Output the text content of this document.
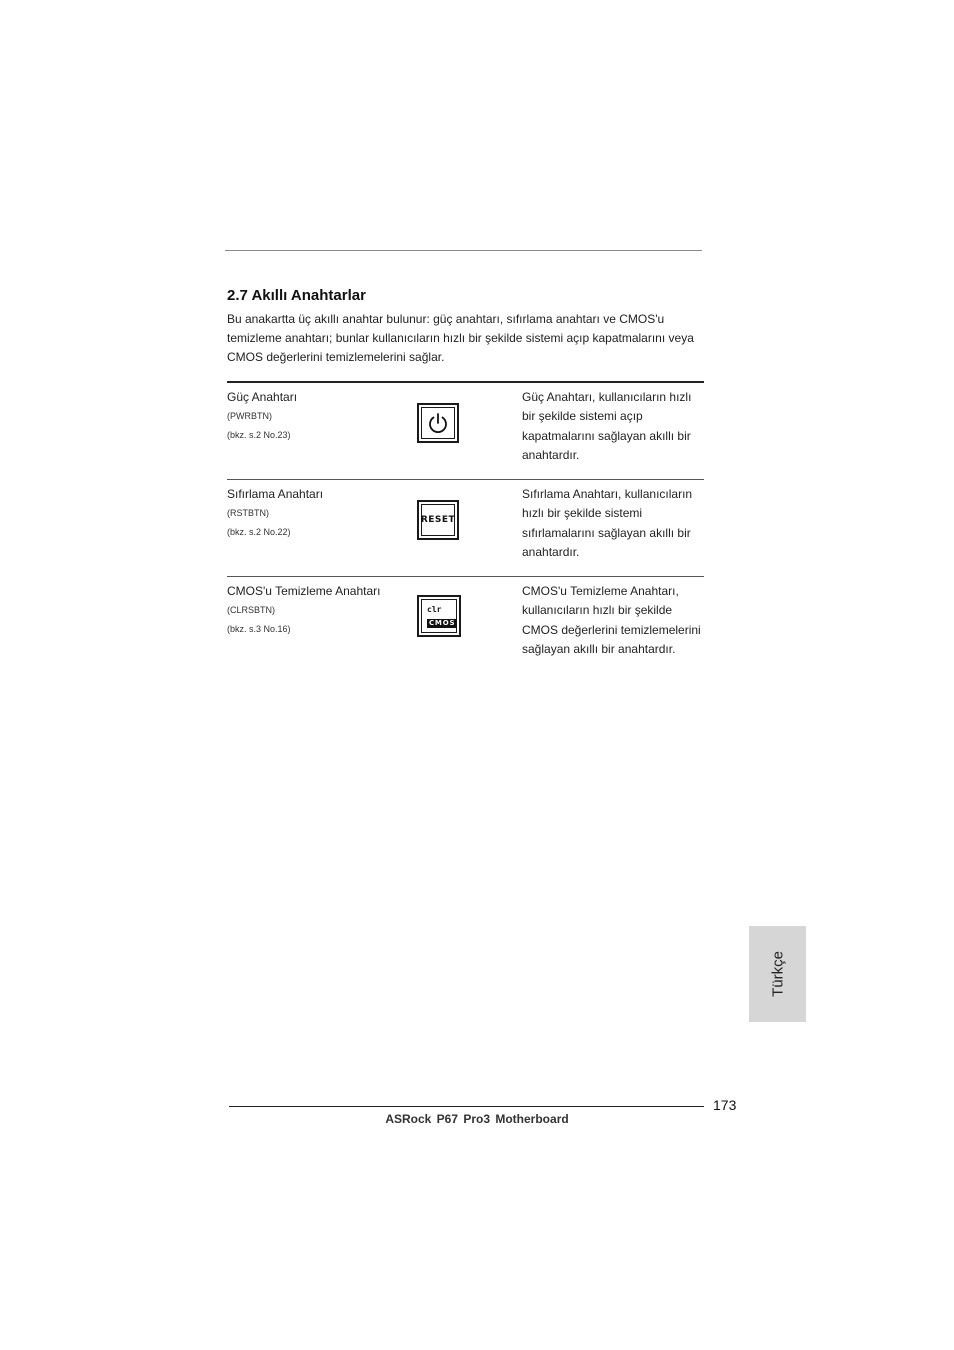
2.7 Akıllı Anahtarlar

Bu anakartta üç akıllı anahtar bulunur: güç anahtarı, sıfırlama anahtarı ve CMOS'u temizleme anahtarı; bunlar kullanıcıların hızlı bir şekilde sistemi açıp kapatmalarını veya CMOS değerlerini temizlemelerini sağlar.

Güç Anahtarı
(PWRBTN)
(bkz. s.2 No.23)

Güç Anahtarı, kullanıcıların hızlı bir şekilde sistemi açıp kapatmalarını sağlayan akıllı bir anahtardır.

Sıfırlama Anahtarı
(RSTBTN)
(bkz. s.2 No.22)
RESET

Sıfırlama Anahtarı, kullanıcıların hızlı bir şekilde sistemi sıfırlamalarını sağlayan akıllı bir anahtardır.

CMOS'u Temizleme Anahtarı
(CLRSBTN)
(bkz. s.3 No.16)
clr
CMOS

CMOS'u Temizleme Anahtarı, kullanıcıların hızlı bir şekilde CMOS değerlerini temizlemelerini sağlayan akıllı bir anahtardır.

Türkçe
173
ASRock P67 Pro3 Motherboard
